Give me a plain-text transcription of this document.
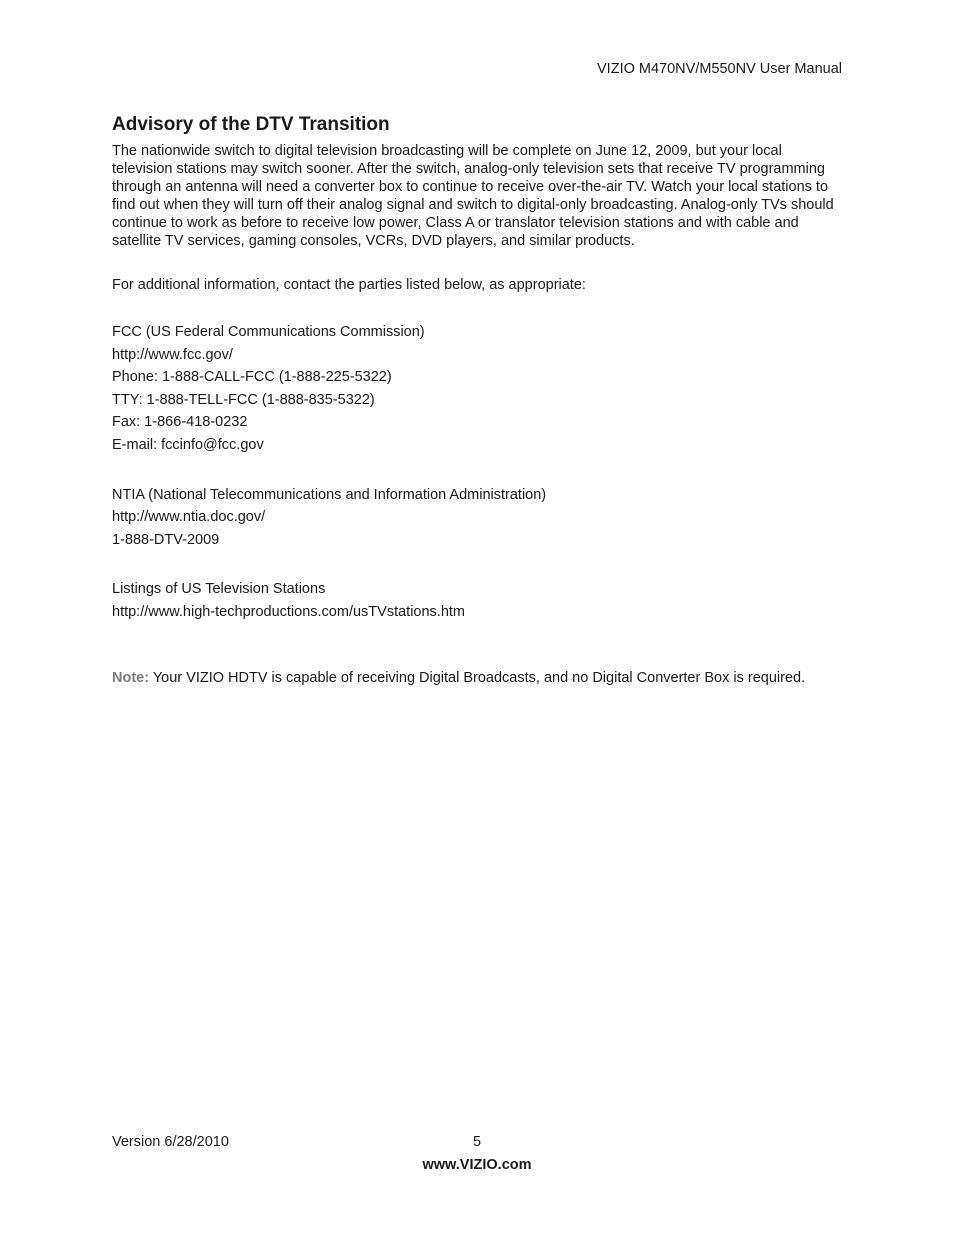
VIZIO M470NV/M550NV User Manual
Advisory of the DTV Transition

The nationwide switch to digital television broadcasting will be complete on June 12, 2009, but your local television stations may switch sooner. After the switch, analog-only television sets that receive TV programming through an antenna will need a converter box to continue to receive over-the-air TV. Watch your local stations to find out when they will turn off their analog signal and switch to digital-only broadcasting. Analog-only TVs should continue to work as before to receive low power, Class A or translator television stations and with cable and satellite TV services, gaming consoles, VCRs, DVD players, and similar products.

For additional information, contact the parties listed below, as appropriate:

FCC (US Federal Communications Commission)
http://www.fcc.gov/
Phone: 1-888-CALL-FCC (1-888-225-5322)
TTY: 1-888-TELL-FCC (1-888-835-5322)
Fax: 1-866-418-0232
E-mail: fccinfo@fcc.gov
NTIA (National Telecommunications and Information Administration)
http://www.ntia.doc.gov/
1-888-DTV-2009
Listings of US Television Stations
http://www.high-techproductions.com/usTVstations.htm

Note: Your VIZIO HDTV is capable of receiving Digital Broadcasts, and no Digital Converter Box is required.

Version 6/28/2010	5
www.VIZIO.com
